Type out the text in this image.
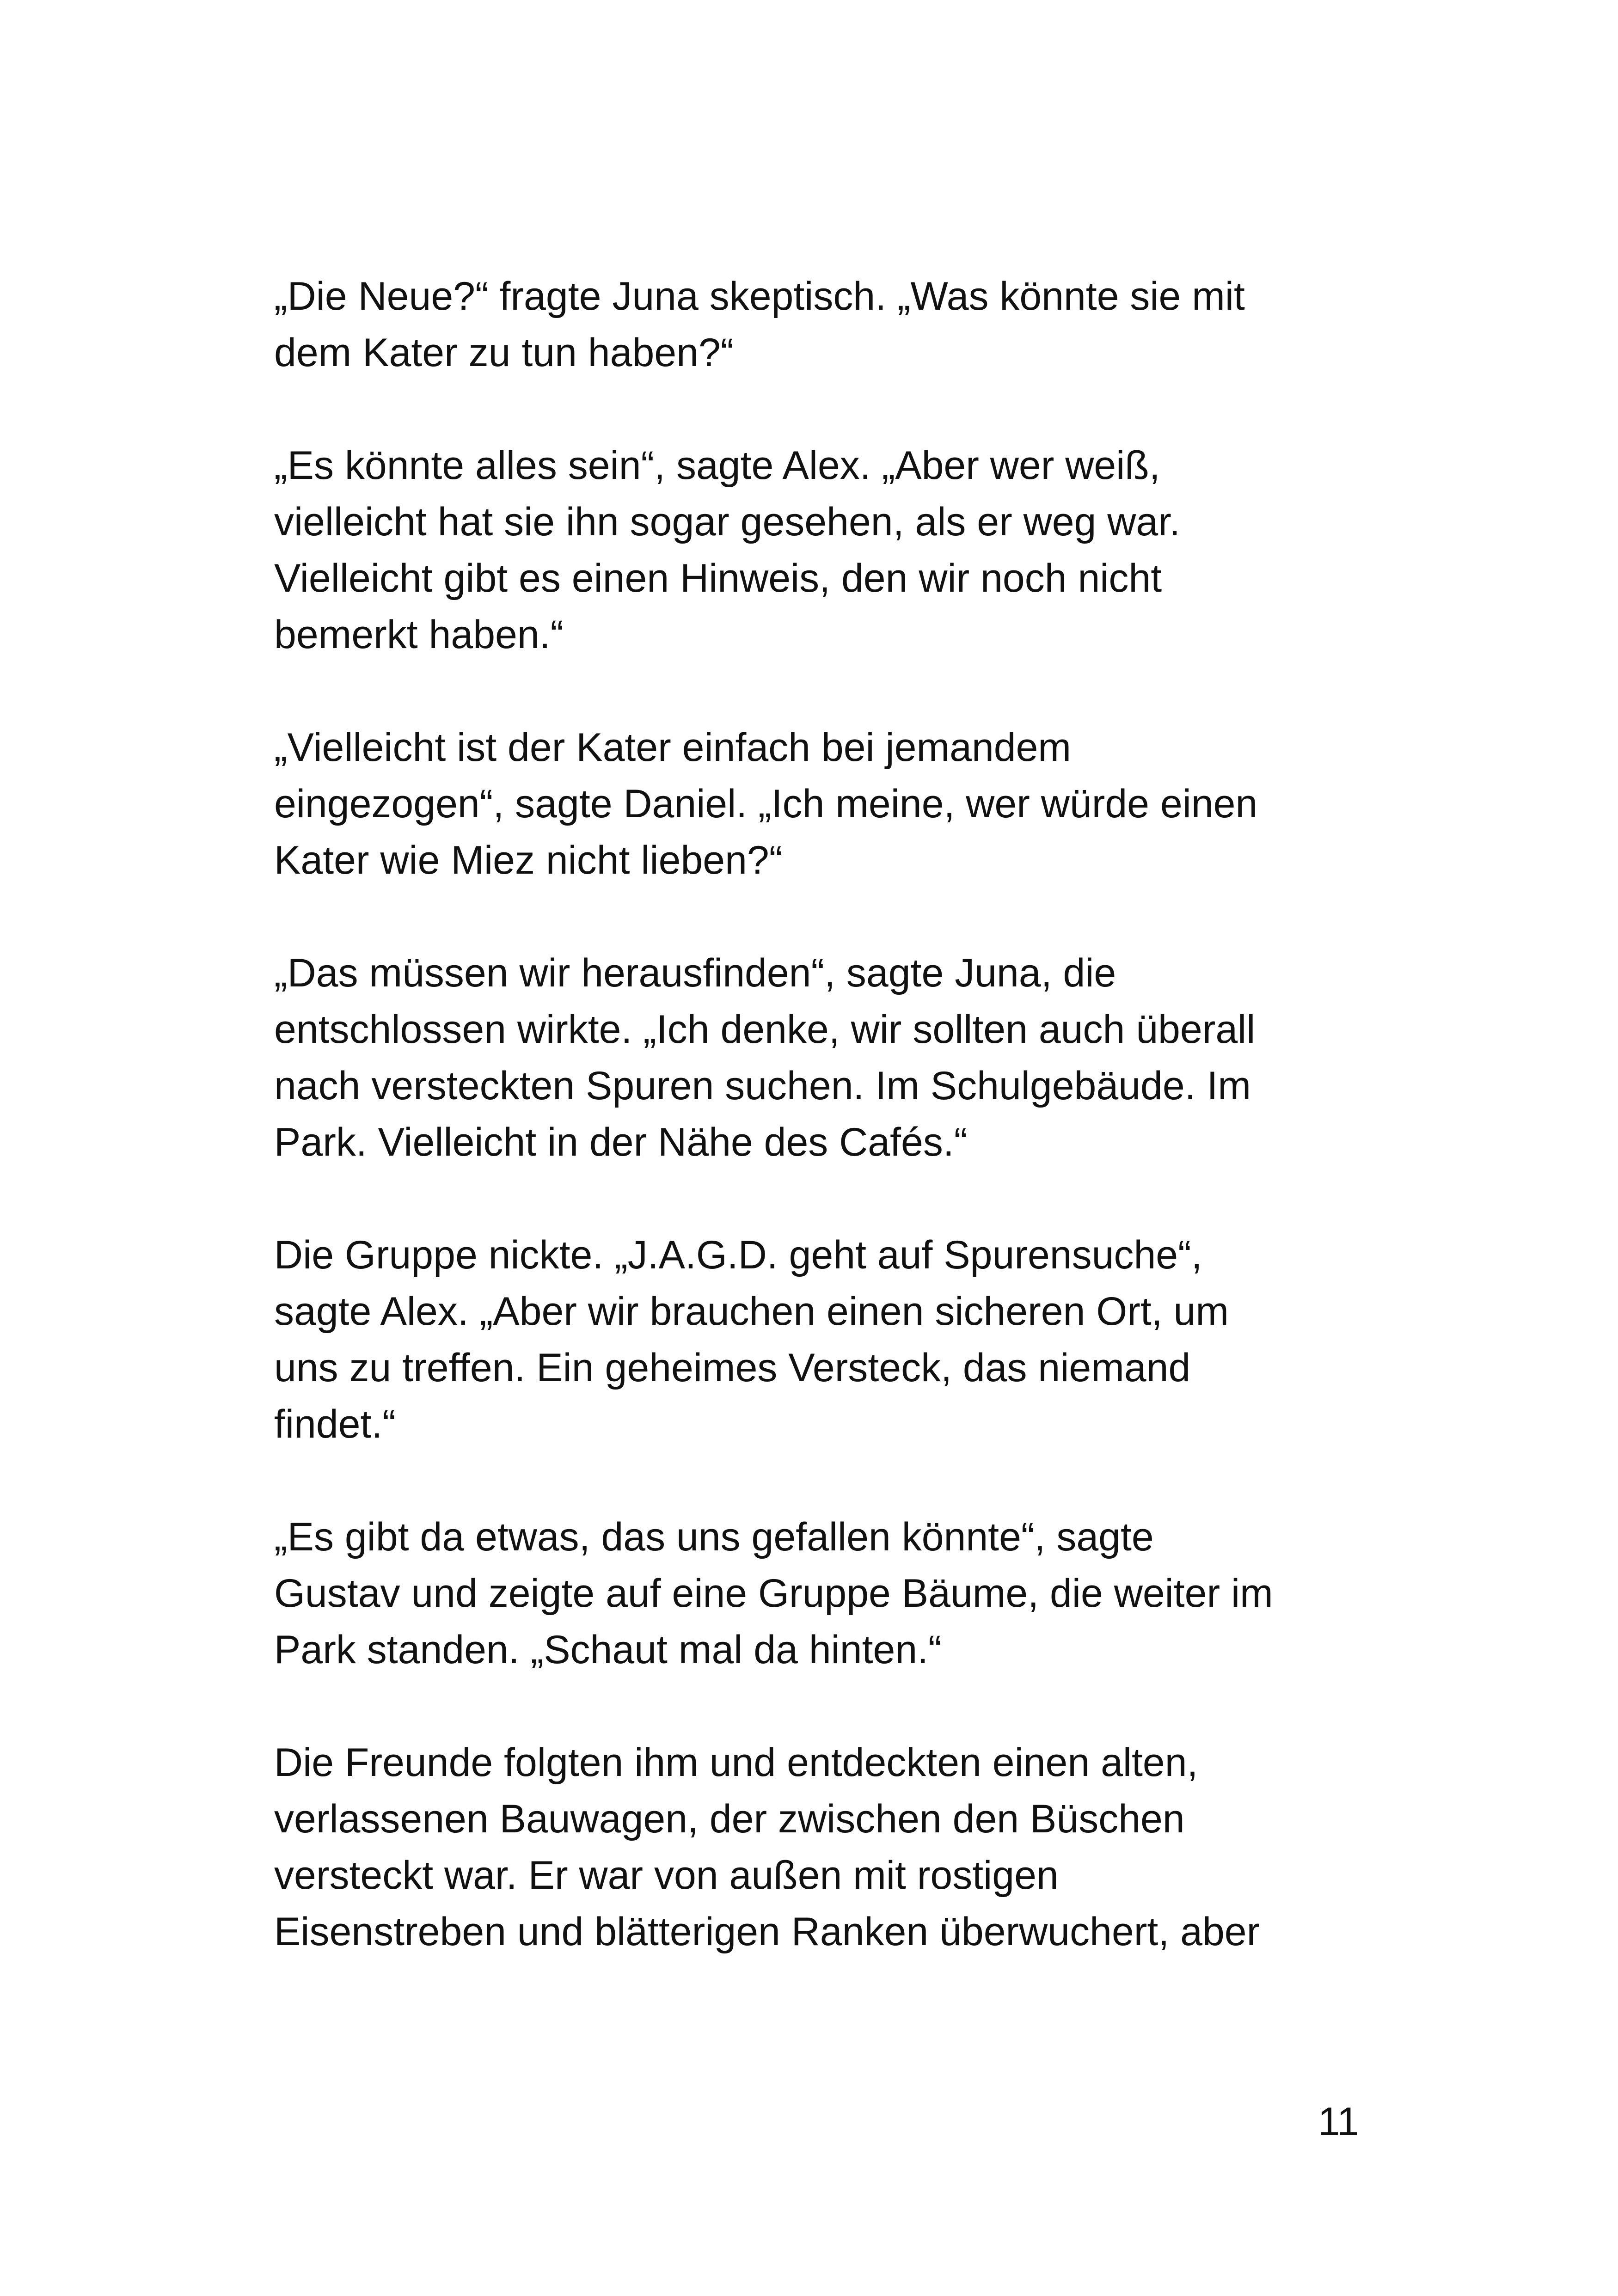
„Die Neue?“ fragte Juna skeptisch. „Was könnte sie mit
dem Kater zu tun haben?“

„Es könnte alles sein“, sagte Alex. „Aber wer weiß,
vielleicht hat sie ihn sogar gesehen, als er weg war.
Vielleicht gibt es einen Hinweis, den wir noch nicht
bemerkt haben.“

„Vielleicht ist der Kater einfach bei jemandem
eingezogen“, sagte Daniel. „Ich meine, wer würde einen
Kater wie Miez nicht lieben?“

„Das müssen wir herausfinden“, sagte Juna, die
entschlossen wirkte. „Ich denke, wir sollten auch überall
nach versteckten Spuren suchen. Im Schulgebäude. Im
Park. Vielleicht in der Nähe des Cafés.“

Die Gruppe nickte. „J.A.G.D. geht auf Spurensuche“,
sagte Alex. „Aber wir brauchen einen sicheren Ort, um
uns zu treffen. Ein geheimes Versteck, das niemand
findet.“

„Es gibt da etwas, das uns gefallen könnte“, sagte
Gustav und zeigte auf eine Gruppe Bäume, die weiter im
Park standen. „Schaut mal da hinten.“

Die Freunde folgten ihm und entdeckten einen alten,
verlassenen Bauwagen, der zwischen den Büschen
versteckt war. Er war von außen mit rostigen
Eisenstreben und blätterigen Ranken überwuchert, aber

11
